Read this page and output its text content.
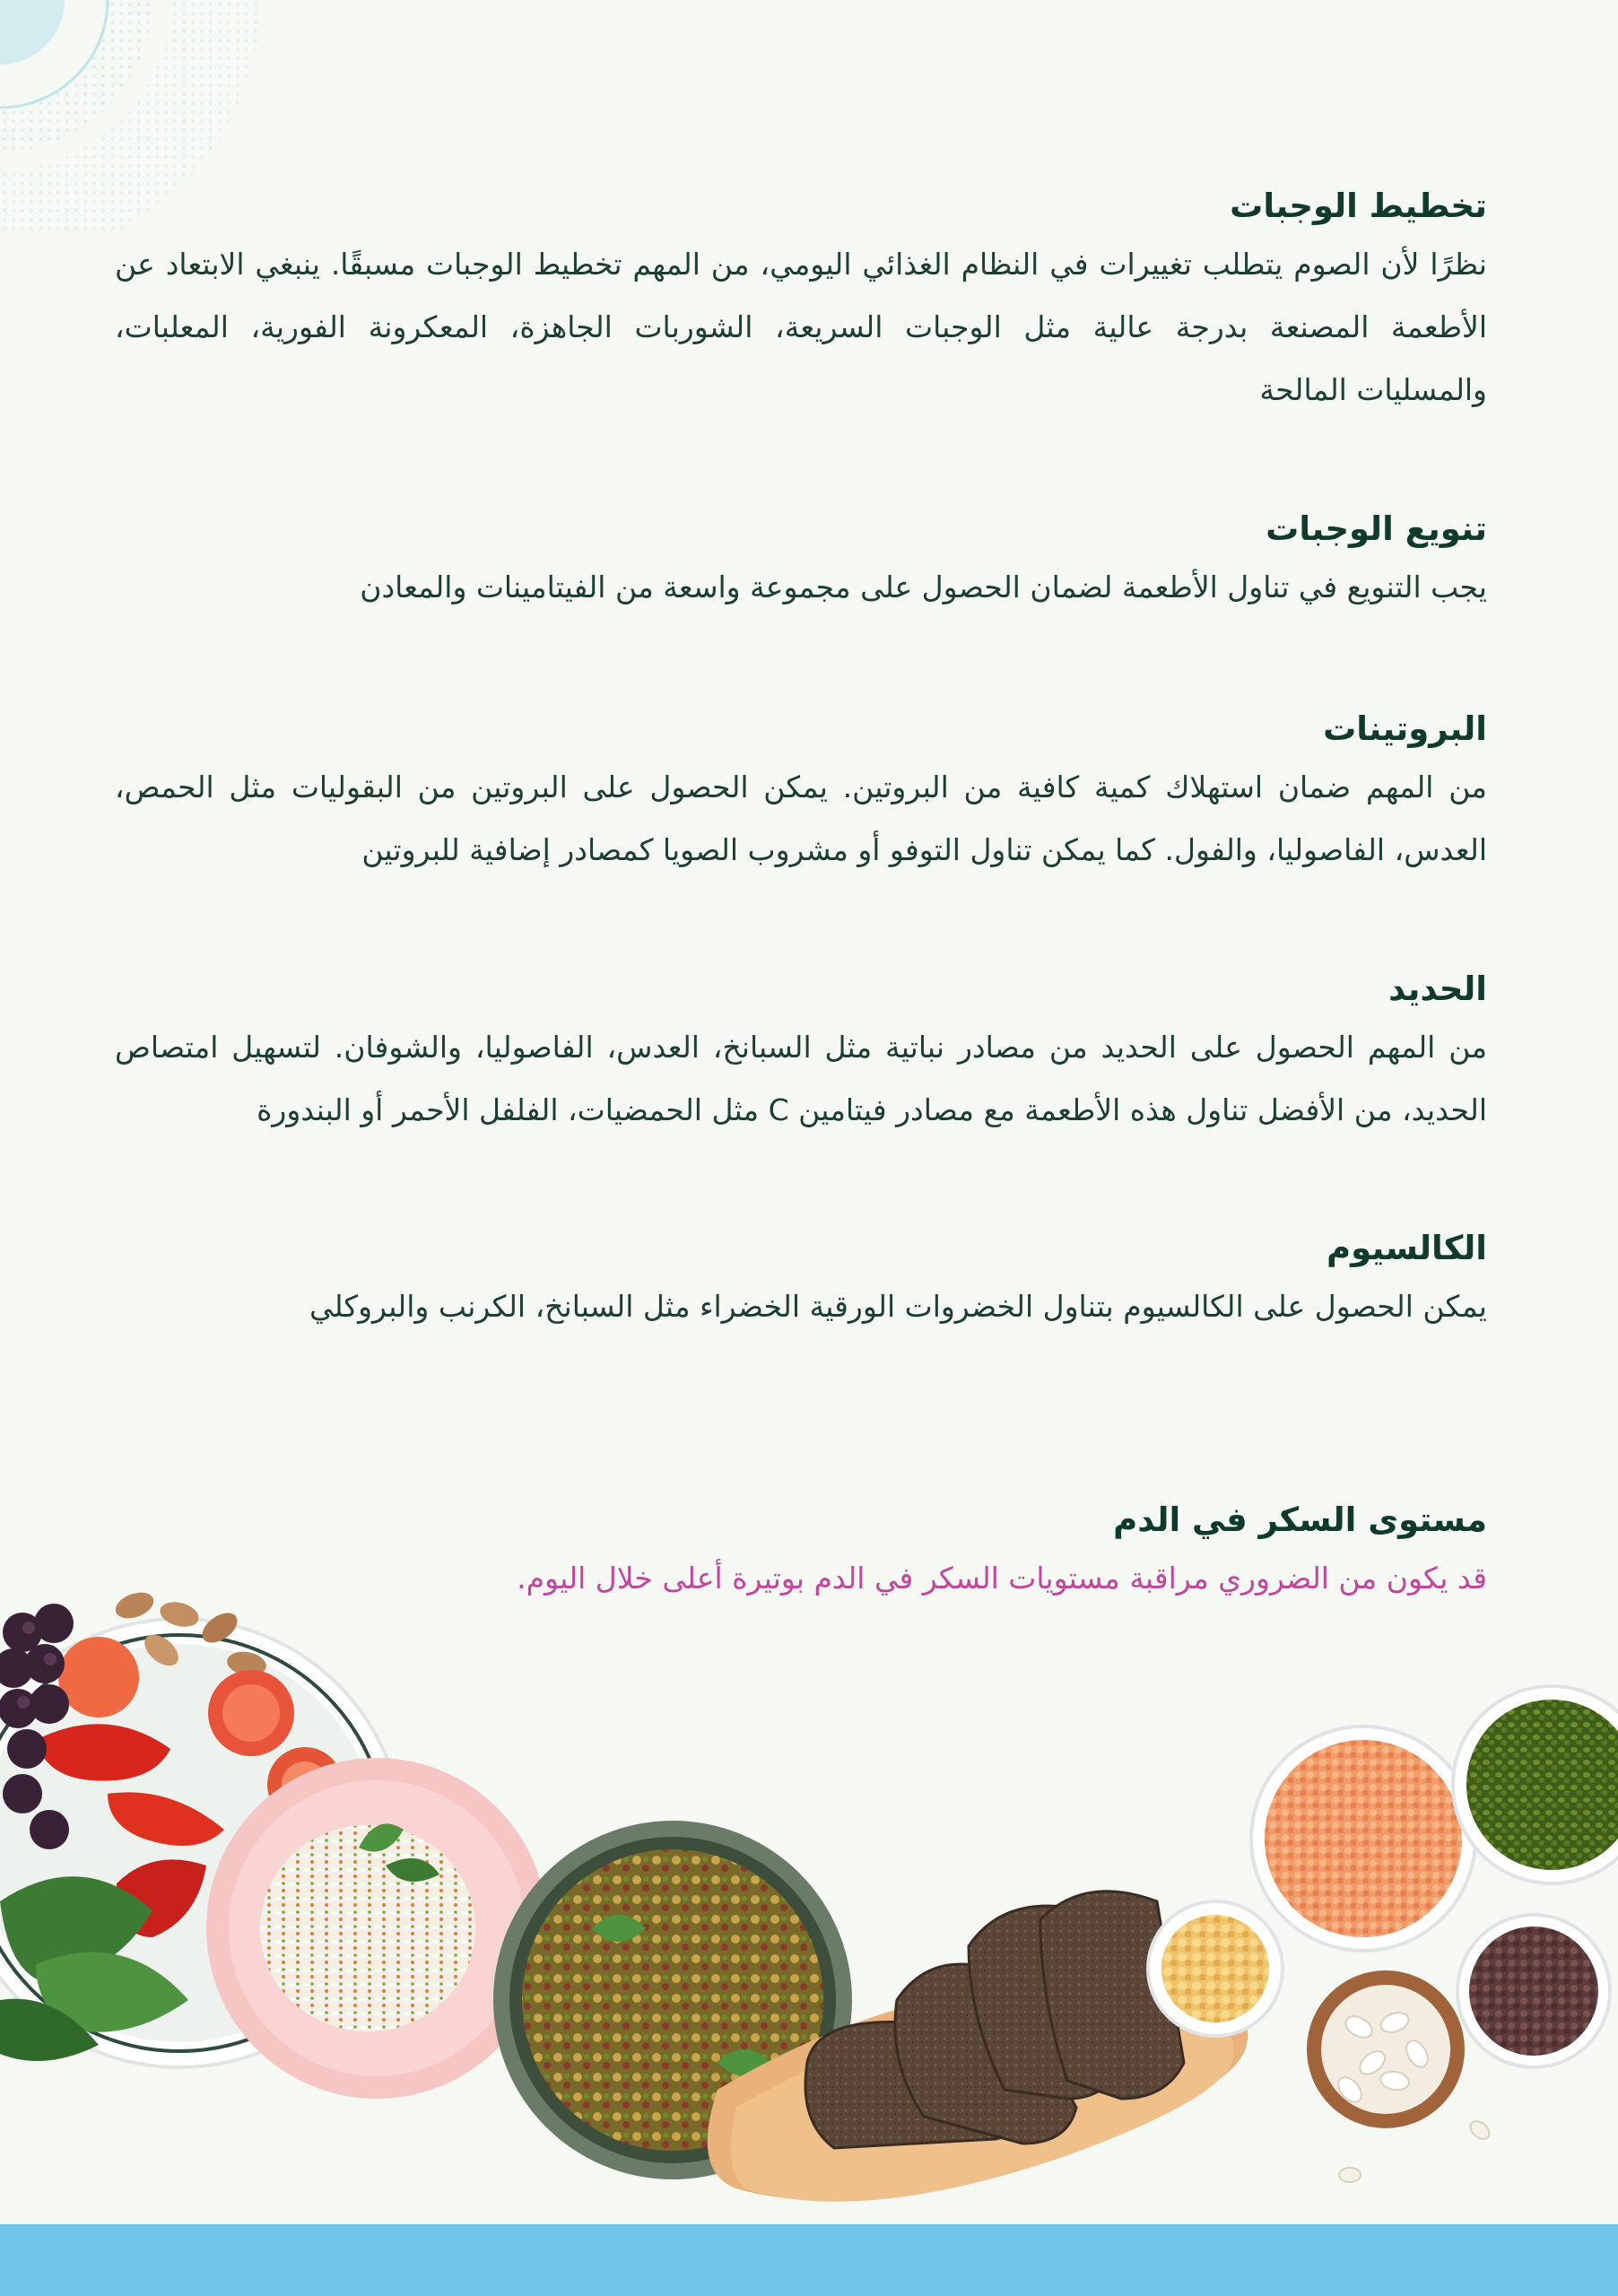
تخطيط الوجبات

نظرًا لأن الصوم يتطلب تغييرات في النظام الغذائي اليومي، من المهم تخطيط الوجبات مسبقًا. ينبغي الابتعاد عن الأطعمة المصنعة بدرجة عالية مثل الوجبات السريعة، الشوربات الجاهزة، المعكرونة الفورية، المعلبات، والمسليات المالحة

تنويع الوجبات

يجب التنويع في تناول الأطعمة لضمان الحصول على مجموعة واسعة من الفيتامينات والمعادن

البروتينات

من المهم ضمان استهلاك كمية كافية من البروتين. يمكن الحصول على البروتين من البقوليات مثل الحمص، العدس، الفاصوليا، والفول. كما يمكن تناول التوفو أو مشروب الصويا كمصادر إضافية للبروتين

الحديد

من المهم الحصول على الحديد من مصادر نباتية مثل السبانخ، العدس، الفاصوليا، والشوفان. لتسهيل امتصاص الحديد، من الأفضل تناول هذه الأطعمة مع مصادر فيتامين C مثل الحمضيات، الفلفل الأحمر أو البندورة

الكالسيوم

يمكن الحصول على الكالسيوم بتناول الخضروات الورقية الخضراء مثل السبانخ، الكرنب والبروكلي

مستوى السكر في الدم

قد يكون من الضروري مراقبة مستويات السكر في الدم بوتيرة أعلى خلال اليوم.
